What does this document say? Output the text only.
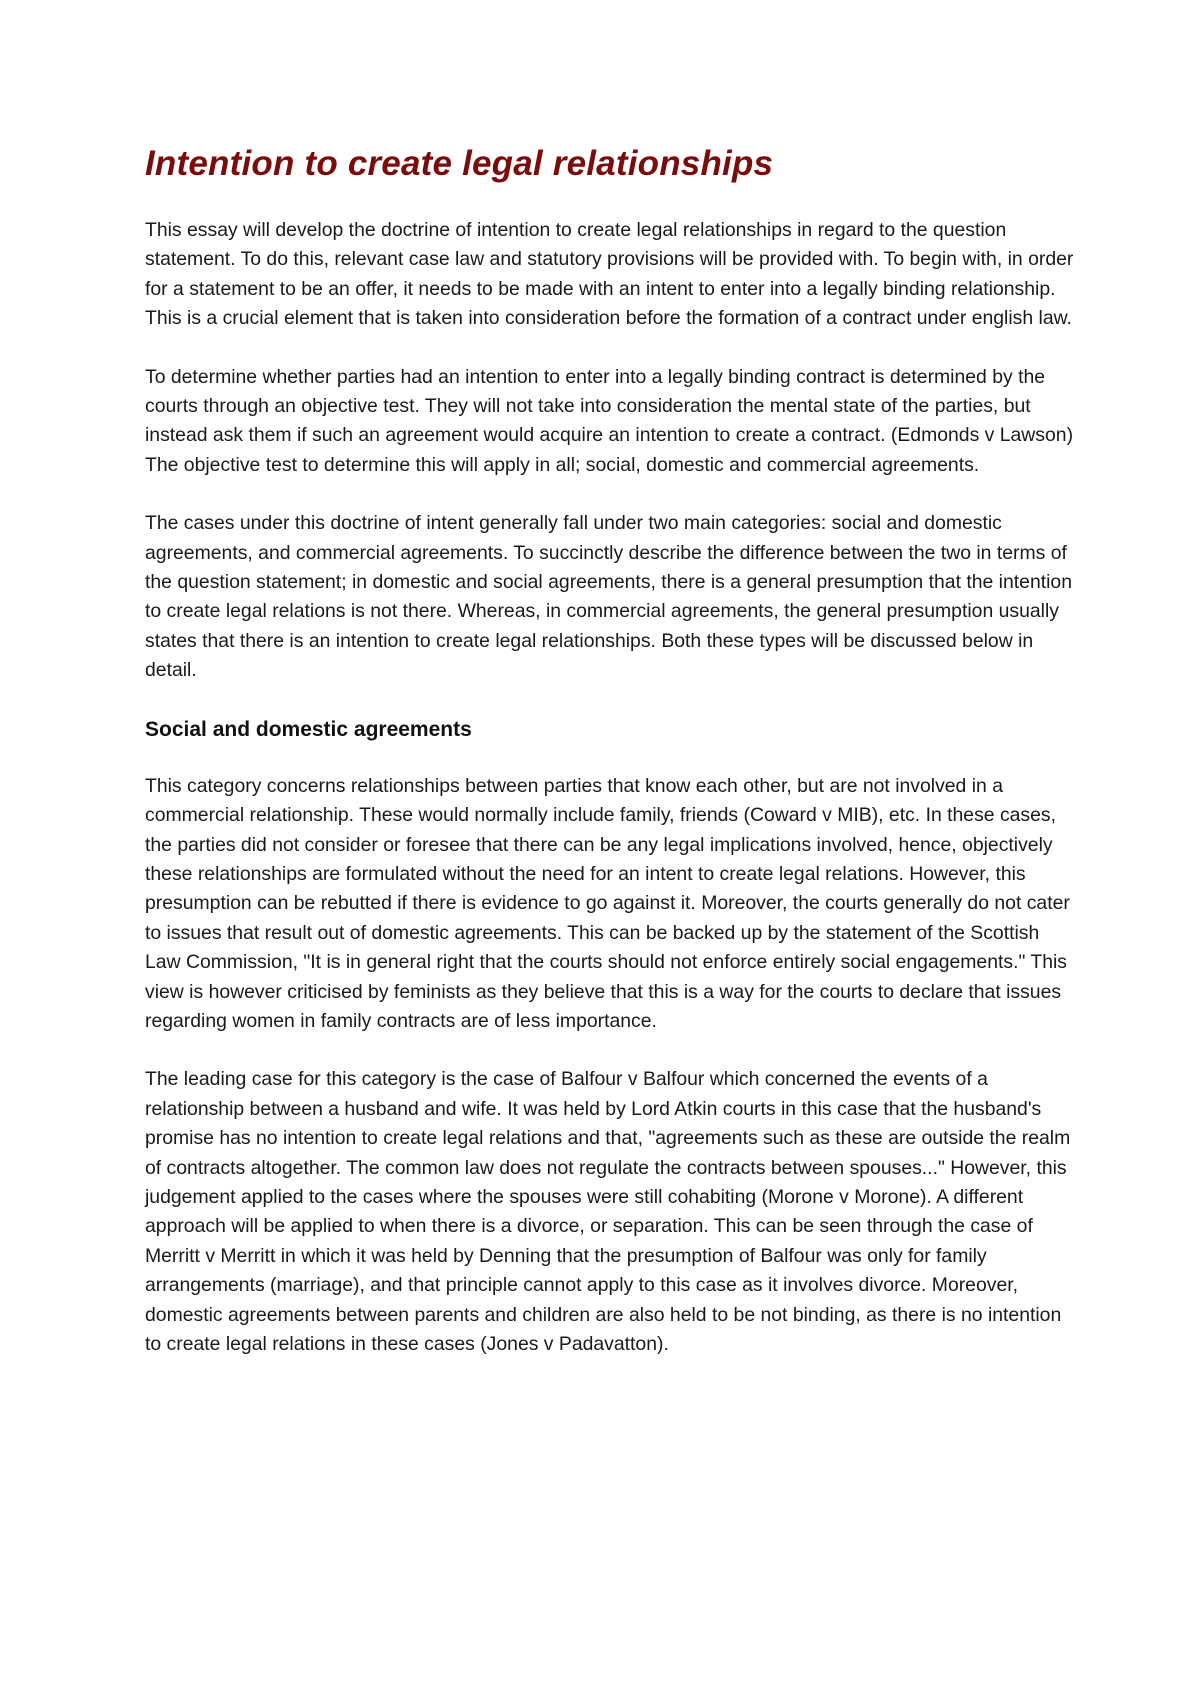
Intention to create legal relationships

This essay will develop the doctrine of intention to create legal relationships in regard to the question statement. To do this, relevant case law and statutory provisions will be provided with. To begin with, in order for a statement to be an offer, it needs to be made with an intent to enter into a legally binding relationship. This is a crucial element that is taken into consideration before the formation of a contract under english law.

To determine whether parties had an intention to enter into a legally binding contract is determined by the courts through an objective test. They will not take into consideration the mental state of the parties, but instead ask them if such an agreement would acquire an intention to create a contract. (Edmonds v Lawson) The objective test to determine this will apply in all; social, domestic and commercial agreements.

The cases under this doctrine of intent generally fall under two main categories: social and domestic agreements, and commercial agreements. To succinctly describe the difference between the two in terms of the question statement; in domestic and social agreements, there is a general presumption that the intention to create legal relations is not there. Whereas, in commercial agreements, the general presumption usually states that there is an intention to create legal relationships. Both these types will be discussed below in detail.

Social and domestic agreements

This category concerns relationships between parties that know each other, but are not involved in a commercial relationship. These would normally include family, friends (Coward v MIB), etc. In these cases, the parties did not consider or foresee that there can be any legal implications involved, hence, objectively these relationships are formulated without the need for an intent to create legal relations. However, this presumption can be rebutted if there is evidence to go against it. Moreover, the courts generally do not cater to issues that result out of domestic agreements. This can be backed up by the statement of the Scottish Law Commission, "It is in general right that the courts should not enforce entirely social engagements." This view is however criticised by feminists as they believe that this is a way for the courts to declare that issues regarding women in family contracts are of less importance.

The leading case for this category is the case of Balfour v Balfour which concerned the events of a relationship between a husband and wife. It was held by Lord Atkin courts in this case that the husband's promise has no intention to create legal relations and that, "agreements such as these are outside the realm of contracts altogether. The common law does not regulate the contracts between spouses..." However, this judgement applied to the cases where the spouses were still cohabiting (Morone v Morone). A different approach will be applied to when there is a divorce, or separation. This can be seen through the case of Merritt v Merritt in which it was held by Denning that the presumption of Balfour was only for family arrangements (marriage), and that principle cannot apply to this case as it involves divorce. Moreover, domestic agreements between parents and children are also held to be not binding, as there is no intention to create legal relations in these cases (Jones v Padavatton).
